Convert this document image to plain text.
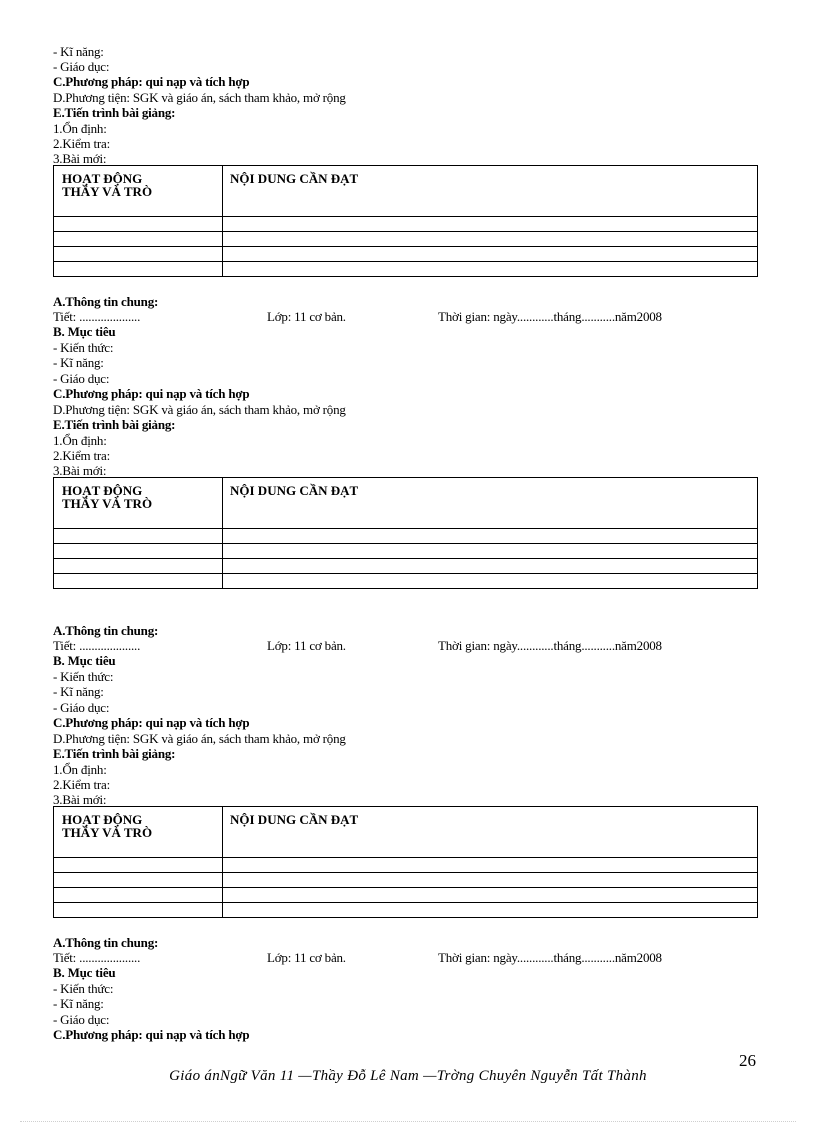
- Kĩ năng:
- Giáo dục:
C.Phương pháp: qui nạp và tích hợp
D.Phương tiện: SGK và giáo án, sách tham khảo, mở rộng
E.Tiến trình bài giảng:
1.Ổn định:
2.Kiểm tra:
3.Bài mới:
HOẠT ĐỘNG
THẦY VÀ TRÒ	NỘI DUNG CẦN ĐẠT

A.Thông tin chung:
Tiết: ....................	Lớp: 11 cơ bản.	Thời gian: ngày............tháng...........năm2008
B. Mục tiêu
- Kiến thức:
- Kĩ năng:
- Giáo dục:
C.Phương pháp: qui nạp và tích hợp
D.Phương tiện: SGK và giáo án, sách tham khảo, mở rộng
E.Tiến trình bài giảng:
1.Ổn định:
2.Kiểm tra:
3.Bài mới:
HOẠT ĐỘNG
THẦY VÀ TRÒ	NỘI DUNG CẦN ĐẠT

A.Thông tin chung:
Tiết: ....................	Lớp: 11 cơ bản.	Thời gian: ngày............tháng...........năm2008
B. Mục tiêu
- Kiến thức:
- Kĩ năng:
- Giáo dục:
C.Phương pháp: qui nạp và tích hợp
D.Phương tiện: SGK và giáo án, sách tham khảo, mở rộng
E.Tiến trình bài giảng:
1.Ổn định:
2.Kiểm tra:
3.Bài mới:
HOẠT ĐỘNG
THẦY VÀ TRÒ	NỘI DUNG CẦN ĐẠT

A.Thông tin chung:
Tiết: ....................	Lớp: 11 cơ bản.	Thời gian: ngày............tháng...........năm2008
B. Mục tiêu
- Kiến thức:
- Kĩ năng:
- Giáo dục:
C.Phương pháp: qui nạp và tích hợp
26
Giáo ánNgữ Văn 11 —Thầy Đỗ Lê Nam —Trờng Chuyên Nguyễn Tất Thành
